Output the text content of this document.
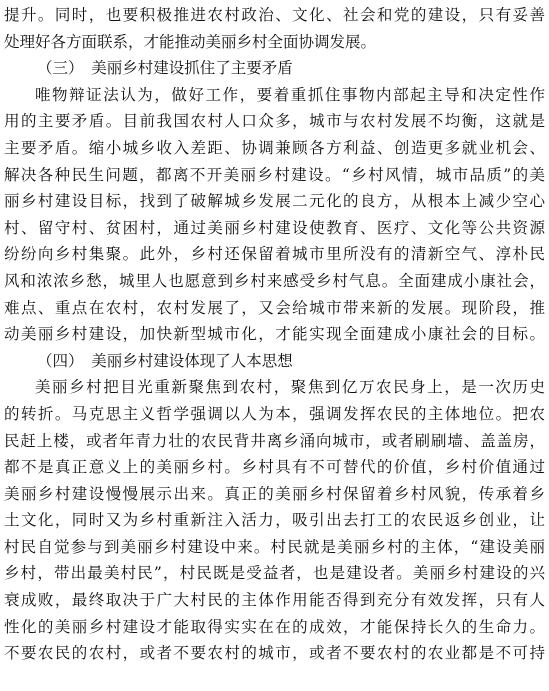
提升。同时，也要积极推进农村政治、文化、社会和党的建设，只有妥善
处理好各方面联系，才能推动美丽乡村全面协调发展。
（三）　美丽乡村建设抓住了主要矛盾
唯物辩证法认为，做好工作，要着重抓住事物内部起主导和决定性作
用的主要矛盾。目前我国农村人口众多，城市与农村发展不均衡，这就是
主要矛盾。缩小城乡收入差距、协调兼顾各方利益、创造更多就业机会、
解决各种民生问题，都离不开美丽乡村建设。“乡村风情，城市品质”的美
丽乡村建设目标，找到了破解城乡发展二元化的良方，从根本上减少空心
村、留守村、贫困村，通过美丽乡村建设使教育、医疗、文化等公共资源
纷纷向乡村集聚。此外，乡村还保留着城市里所没有的清新空气、淳朴民
风和浓浓乡愁，城里人也愿意到乡村来感受乡村气息。全面建成小康社会，
难点、重点在农村，农村发展了，又会给城市带来新的发展。现阶段，推
动美丽乡村建设，加快新型城市化，才能实现全面建成小康社会的目标。
（四）　美丽乡村建设体现了人本思想
美丽乡村把目光重新聚焦到农村，聚焦到亿万农民身上，是一次历史
的转折。马克思主义哲学强调以人为本，强调发挥农民的主体地位。把农
民赶上楼，或者年青力壮的农民背井离乡涌向城市，或者刷刷墙、盖盖房，
都不是真正意义上的美丽乡村。乡村具有不可替代的价值，乡村价值通过
美丽乡村建设慢慢展示出来。真正的美丽乡村保留着乡村风貌，传承着乡
土文化，同时又为乡村重新注入活力，吸引出去打工的农民返乡创业，让
村民自觉参与到美丽乡村建设中来。村民就是美丽乡村的主体，“建设美丽
乡村，带出最美村民”，村民既是受益者，也是建设者。美丽乡村建设的兴
衰成败，最终取决于广大村民的主体作用能否得到充分有效发挥，只有人
性化的美丽乡村建设才能取得实实在在的成效，才能保持长久的生命力。
不要农民的农村，或者不要农村的城市，或者不要农村的农业都是不可持
